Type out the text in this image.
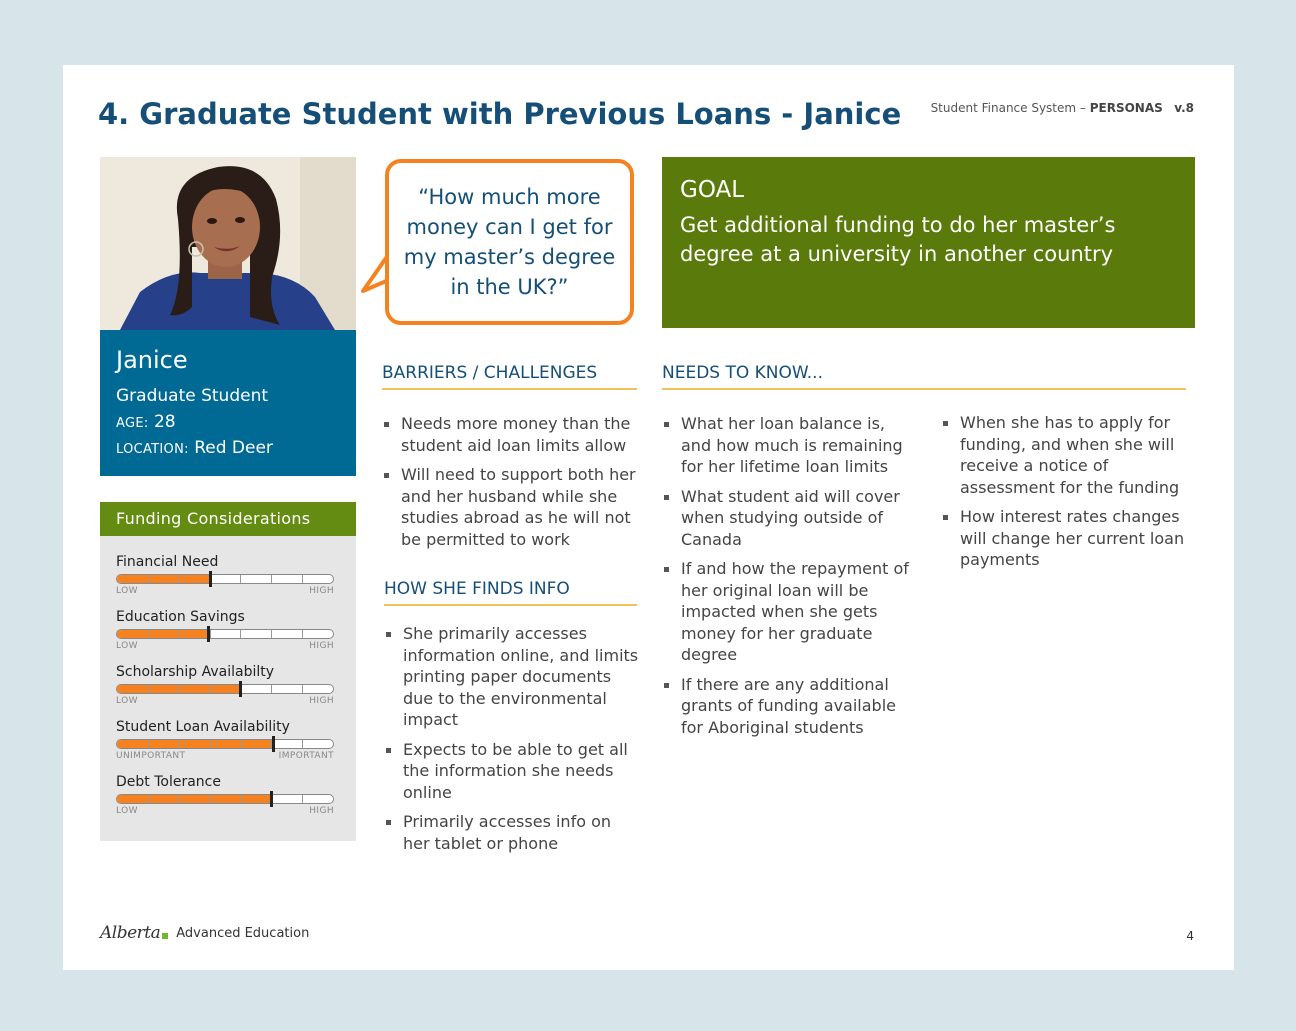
4. Graduate Student with Previous Loans - Janice Student Finance System – PERSONAS v.8
Janice
Graduate Student
AGE: 28
LOCATION: Red Deer
Funding Considerations
Financial Need
LOW	HIGH
Education Savings
LOW	HIGH
Scholarship Availabilty
LOW	HIGH
Student Loan Availability
UNIMPORTANT	IMPORTANT
Debt Tolerance
LOW	HIGH
“How much more money can I get for my master’s degree in the UK?”
GOAL
Get additional funding to do her master’s degree at a university in another country
BARRIERS / CHALLENGES
Needs more money than the student aid loan limits allow
Will need to support both her and her husband while she studies abroad as he will not be permitted to work
HOW SHE FINDS INFO
She primarily accesses information online, and limits printing paper documents due to the environmental impact
Expects to be able to get all the information she needs online
Primarily accesses info on her tablet or phone
NEEDS TO KNOW...
What her loan balance is, and how much is remaining for her lifetime loan limits
What student aid will cover when studying outside of Canada
If and how the repayment of her original loan will be impacted when she gets money for her graduate degree
If there are any additional grants of funding available for Aboriginal students
When she has to apply for funding, and when she will receive a notice of assessment for the funding
How interest rates changes will change her current loan payments
Alberta Advanced Education	4
